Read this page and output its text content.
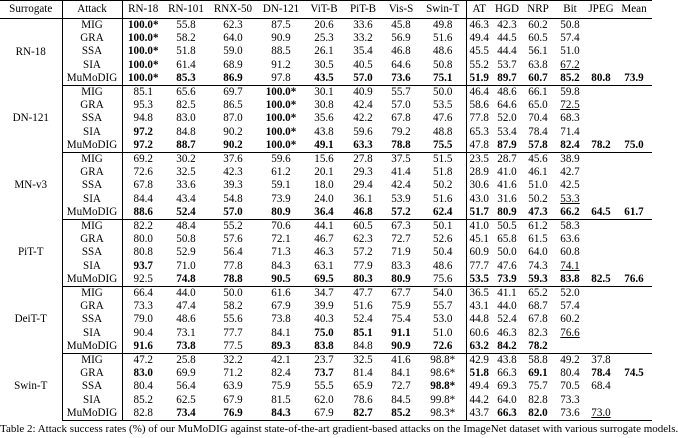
Surrogate	Attack	RN-18	RN-101	RNX-50	DN-121	ViT-B	PiT-B	Vis-S	Swin-T	AT	HGD	NRP	Bit	JPEG	Mean
RN-18	MIG	100.0*	55.8	62.3	87.5	20.6	33.6	45.8	49.8	46.3	42.3	60.2	50.8		
	GRA	100.0*	58.2	64.0	90.9	25.3	33.2	56.9	51.6	49.4	44.5	60.5	57.4		
	SSA	100.0*	51.8	59.0	88.5	26.1	35.4	46.8	48.6	45.5	44.4	56.1	51.0		
	SIA	100.0*	61.4	68.9	91.2	30.5	40.5	64.6	50.8	55.2	53.7	63.8	67.2		
	MuMoDIG	100.0*	85.3	86.9	97.8	43.5	57.0	73.6	75.1	51.9	89.7	60.7	85.2	80.8	73.9
DN-121	MIG	85.1	65.6	69.7	100.0*	30.1	40.9	55.7	50.0	46.4	48.6	66.1	59.8		
	GRA	95.3	82.5	86.5	100.0*	30.8	42.4	57.0	53.5	58.6	64.6	65.0	72.5		
	SSA	94.8	83.0	87.0	100.0*	35.6	42.2	67.8	47.6	77.8	52.0	70.4	68.3		
	SIA	97.2	84.8	90.2	100.0*	43.8	59.6	79.2	48.8	65.3	53.4	78.4	71.4		
	MuMoDIG	97.2	88.7	90.2	100.0*	49.1	63.3	78.8	75.5	47.8	87.9	57.8	82.4	78.2	75.0
MN-v3	MIG	69.2	30.2	37.6	59.6	15.6	27.8	37.5	51.5	23.5	28.7	45.6	38.9		
	GRA	72.6	32.5	42.3	61.2	20.1	29.3	41.4	51.8	28.9	41.0	46.1	42.7		
	SSA	67.8	33.6	39.3	59.1	18.0	29.4	42.4	50.2	30.6	41.6	51.0	42.5		
	SIA	84.4	43.4	54.8	73.9	24.0	36.1	53.9	51.6	43.0	31.6	50.2	53.3		
	MuMoDIG	88.6	52.4	57.0	80.9	36.4	46.8	57.2	62.4	51.7	80.9	47.3	66.2	64.5	61.7
PiT-T	MIG	82.2	48.4	55.2	70.6	44.1	60.5	67.3	50.1	41.0	50.5	61.2	58.3		
	GRA	80.0	50.8	57.6	72.1	46.7	62.3	72.7	52.6	45.1	65.8	61.5	63.6		
	SSA	80.8	52.9	56.4	71.3	46.3	57.2	71.9	50.4	60.9	50.0	64.0	60.8		
	SIA	93.7	71.0	77.8	84.3	63.1	77.9	83.3	48.6	77.7	47.6	74.3	74.1		
	MuMoDIG	92.5	74.8	78.8	90.5	69.5	80.3	80.9	75.6	53.5	73.9	59.3	83.8	82.5	76.6
DeiT-T	MIG	66.4	44.0	50.0	61.6	34.7	47.7	67.7	54.0	36.5	41.1	65.2	52.0		
	GRA	73.3	47.4	58.2	67.9	39.9	51.6	75.9	55.7	43.1	44.0	68.7	57.4		
	SSA	79.0	48.6	55.6	73.8	40.3	52.4	75.4	53.0	44.8	52.4	67.8	60.2		
	SIA	90.4	73.1	77.7	84.1	75.0	85.1	91.1	51.0	60.6	46.3	82.3	76.6		
	MuMoDIG	91.6	73.8	77.5	89.3	83.8	84.8	90.9	72.6	63.2	84.2	78.2			
Swin-T	MIG	47.2	25.8	32.2	42.1	23.7	32.5	41.6	98.8*	42.9	43.8	58.8	49.2	37.8	
	GRA	83.0	69.9	71.2	82.4	73.7	81.4	84.1	98.6*	51.8	66.3	69.1	80.4	78.4	74.5
	SSA	80.4	56.4	63.9	75.9	55.5	65.9	72.7	98.8*	49.4	69.3	75.7	70.5	68.4	
	SIA	85.2	62.5	67.9	81.5	62.0	78.6	84.5	99.8*	44.2	64.0	82.8	73.3		
	MuMoDIG	82.8	73.4	76.9	84.3	67.9	82.7	85.2	98.3*	43.7	66.3	82.0	73.6	73.0	
Table 2: Attack success rates (%) of our MuMoDIG against state-of-the-art gradient-based attacks on the ImageNet dataset with various surrogate models.
